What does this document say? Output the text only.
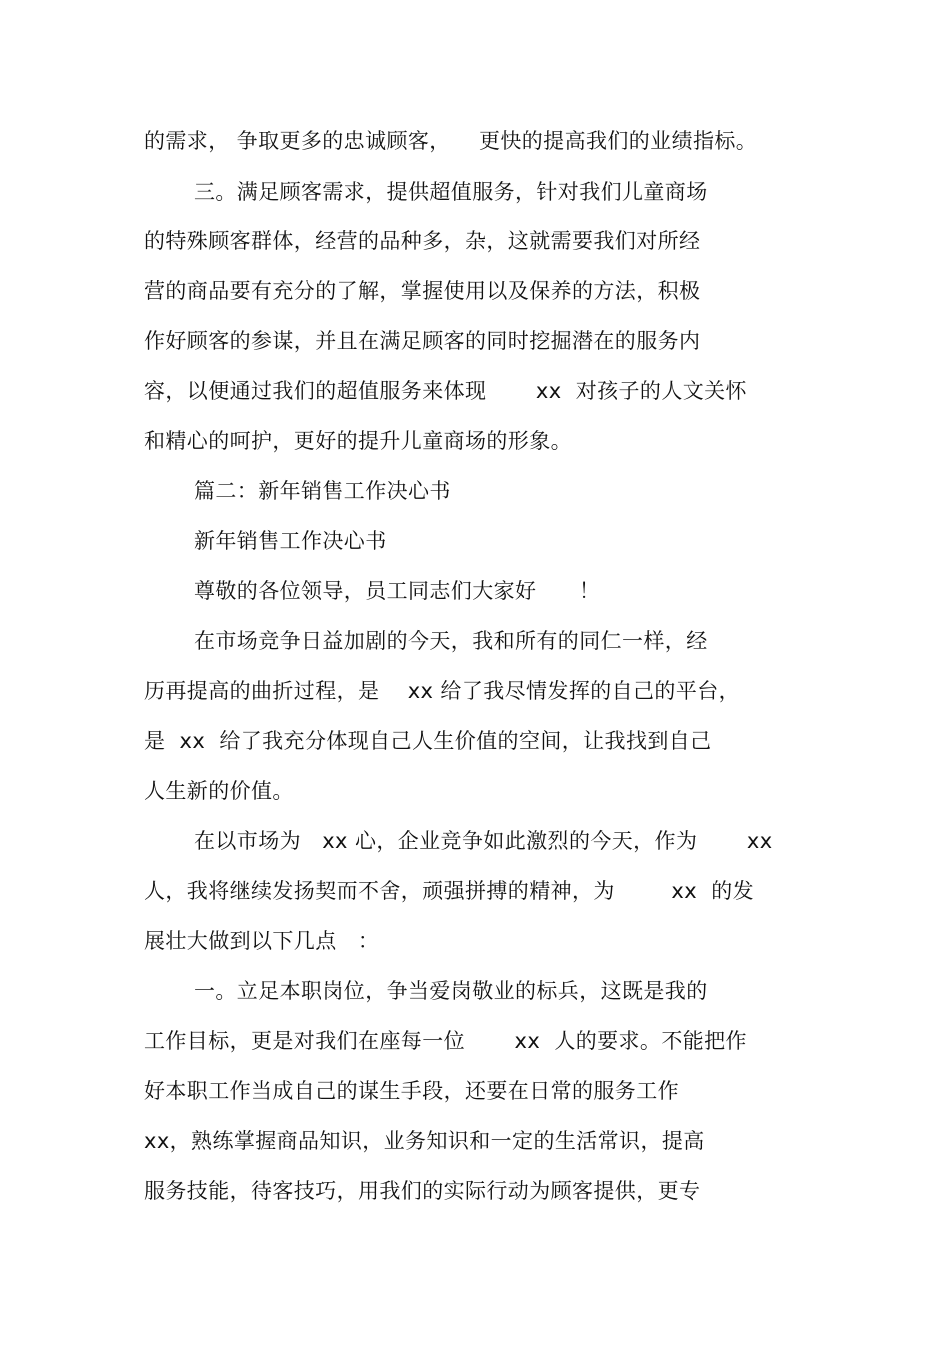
的需求， 争取更多的忠诚顾客，    更快的提高我们的业绩指标。
三。满足顾客需求，提供超值服务，针对我们儿童商场
的特殊顾客群体，经营的品种多，杂，这就需要我们对所经
营的商品要有充分的了解，掌握使用以及保养的方法，积极
作好顾客的参谋，并且在满足顾客的同时挖掘潜在的服务内
容，以便通过我们的超值服务来体现       xx  对孩子的人文关怀
和精心的呵护，更好的提升儿童商场的形象。
篇二：新年销售工作决心书
新年销售工作决心书
尊敬的各位领导，员工同志们大家好      ！
在市场竞争日益加剧的今天，我和所有的同仁一样，经
历再提高的曲折过程，是    xx 给了我尽情发挥的自己的平台，
是  xx  给了我充分体现自己人生价值的空间，让我找到自己
人生新的价值。
在以市场为   xx 心，企业竞争如此激烈的今天，作为       xx
人，我将继续发扬契而不舍，顽强拼搏的精神，为        xx  的发
展壮大做到以下几点   ：
一。立足本职岗位，争当爱岗敬业的标兵，这既是我的
工作目标，更是对我们在座每一位       xx  人的要求。不能把作
好本职工作当成自己的谋生手段，还要在日常的服务工作
xx，熟练掌握商品知识，业务知识和一定的生活常识，提高
服务技能，待客技巧，用我们的实际行动为顾客提供，更专
